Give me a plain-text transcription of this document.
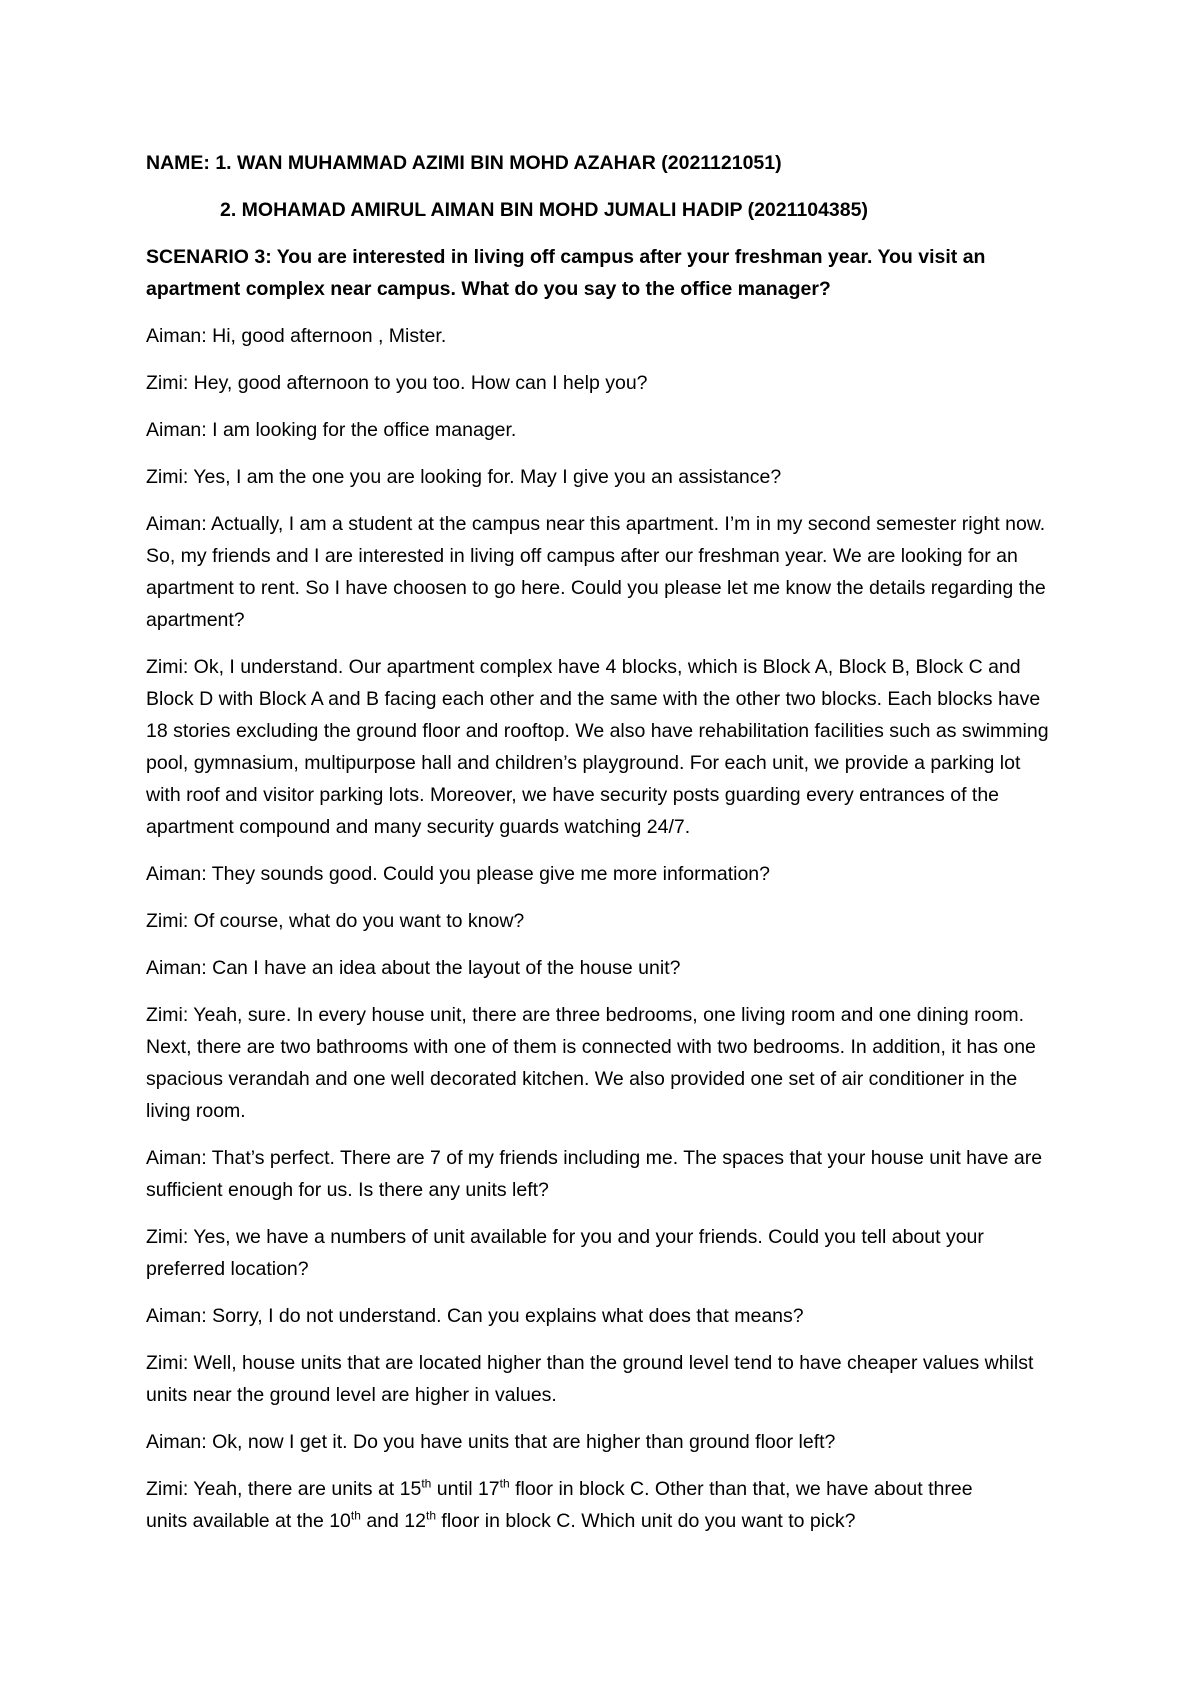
NAME: 1. WAN MUHAMMAD AZIMI BIN MOHD AZAHAR (2021121051)
2. MOHAMAD AMIRUL AIMAN BIN MOHD JUMALI HADIP (2021104385)
SCENARIO 3: You are interested in living off campus after your freshman year. You visit an apartment complex near campus. What do you say to the office manager?
Aiman: Hi, good afternoon , Mister.
Zimi: Hey, good afternoon to you too. How can I help you?
Aiman: I am looking for the office manager.
Zimi: Yes, I am the one you are looking for. May I give you an assistance?
Aiman: Actually, I am a student at the campus near this apartment. I’m in my second semester right now. So, my friends and I are interested in living off campus after our freshman year. We are looking for an apartment to rent. So I have choosen to go here. Could you please let me know the details regarding the apartment?
Zimi: Ok, I understand. Our apartment complex have 4 blocks, which is Block A, Block B, Block C and Block D with Block A and B facing each other and the same with the other two blocks. Each blocks have 18 stories excluding the ground floor and rooftop. We also have rehabilitation facilities such as swimming pool, gymnasium, multipurpose hall and children’s playground. For each unit, we provide a parking lot with roof and visitor parking lots. Moreover, we have security posts guarding every entrances of the apartment compound and many security guards watching 24/7.
Aiman: They sounds good. Could you please give me more information?
Zimi: Of course, what do you want to know?
Aiman: Can I have an idea about the layout of the house unit?
Zimi: Yeah, sure. In every house unit, there are three bedrooms, one living room and one dining room. Next, there are two bathrooms with one of them is connected with two bedrooms. In addition, it has one spacious verandah and one well decorated kitchen. We also provided one set of air conditioner in the living room.
Aiman: That’s perfect. There are 7 of my friends including me. The spaces that your house unit have are sufficient enough for us. Is there any units left?
Zimi: Yes, we have a numbers of unit available for you and your friends. Could you tell about your preferred location?
Aiman: Sorry, I do not understand. Can you explains what does that means?
Zimi: Well, house units that are located higher than the ground level tend to have cheaper values whilst units near the ground level are higher in values.
Aiman: Ok, now I get it. Do you have units that are higher than ground floor left?
Zimi: Yeah, there are units at 15th until 17th floor in block C. Other than that, we have about three
units available at the 10th and 12th floor in block C. Which unit do you want to pick?
